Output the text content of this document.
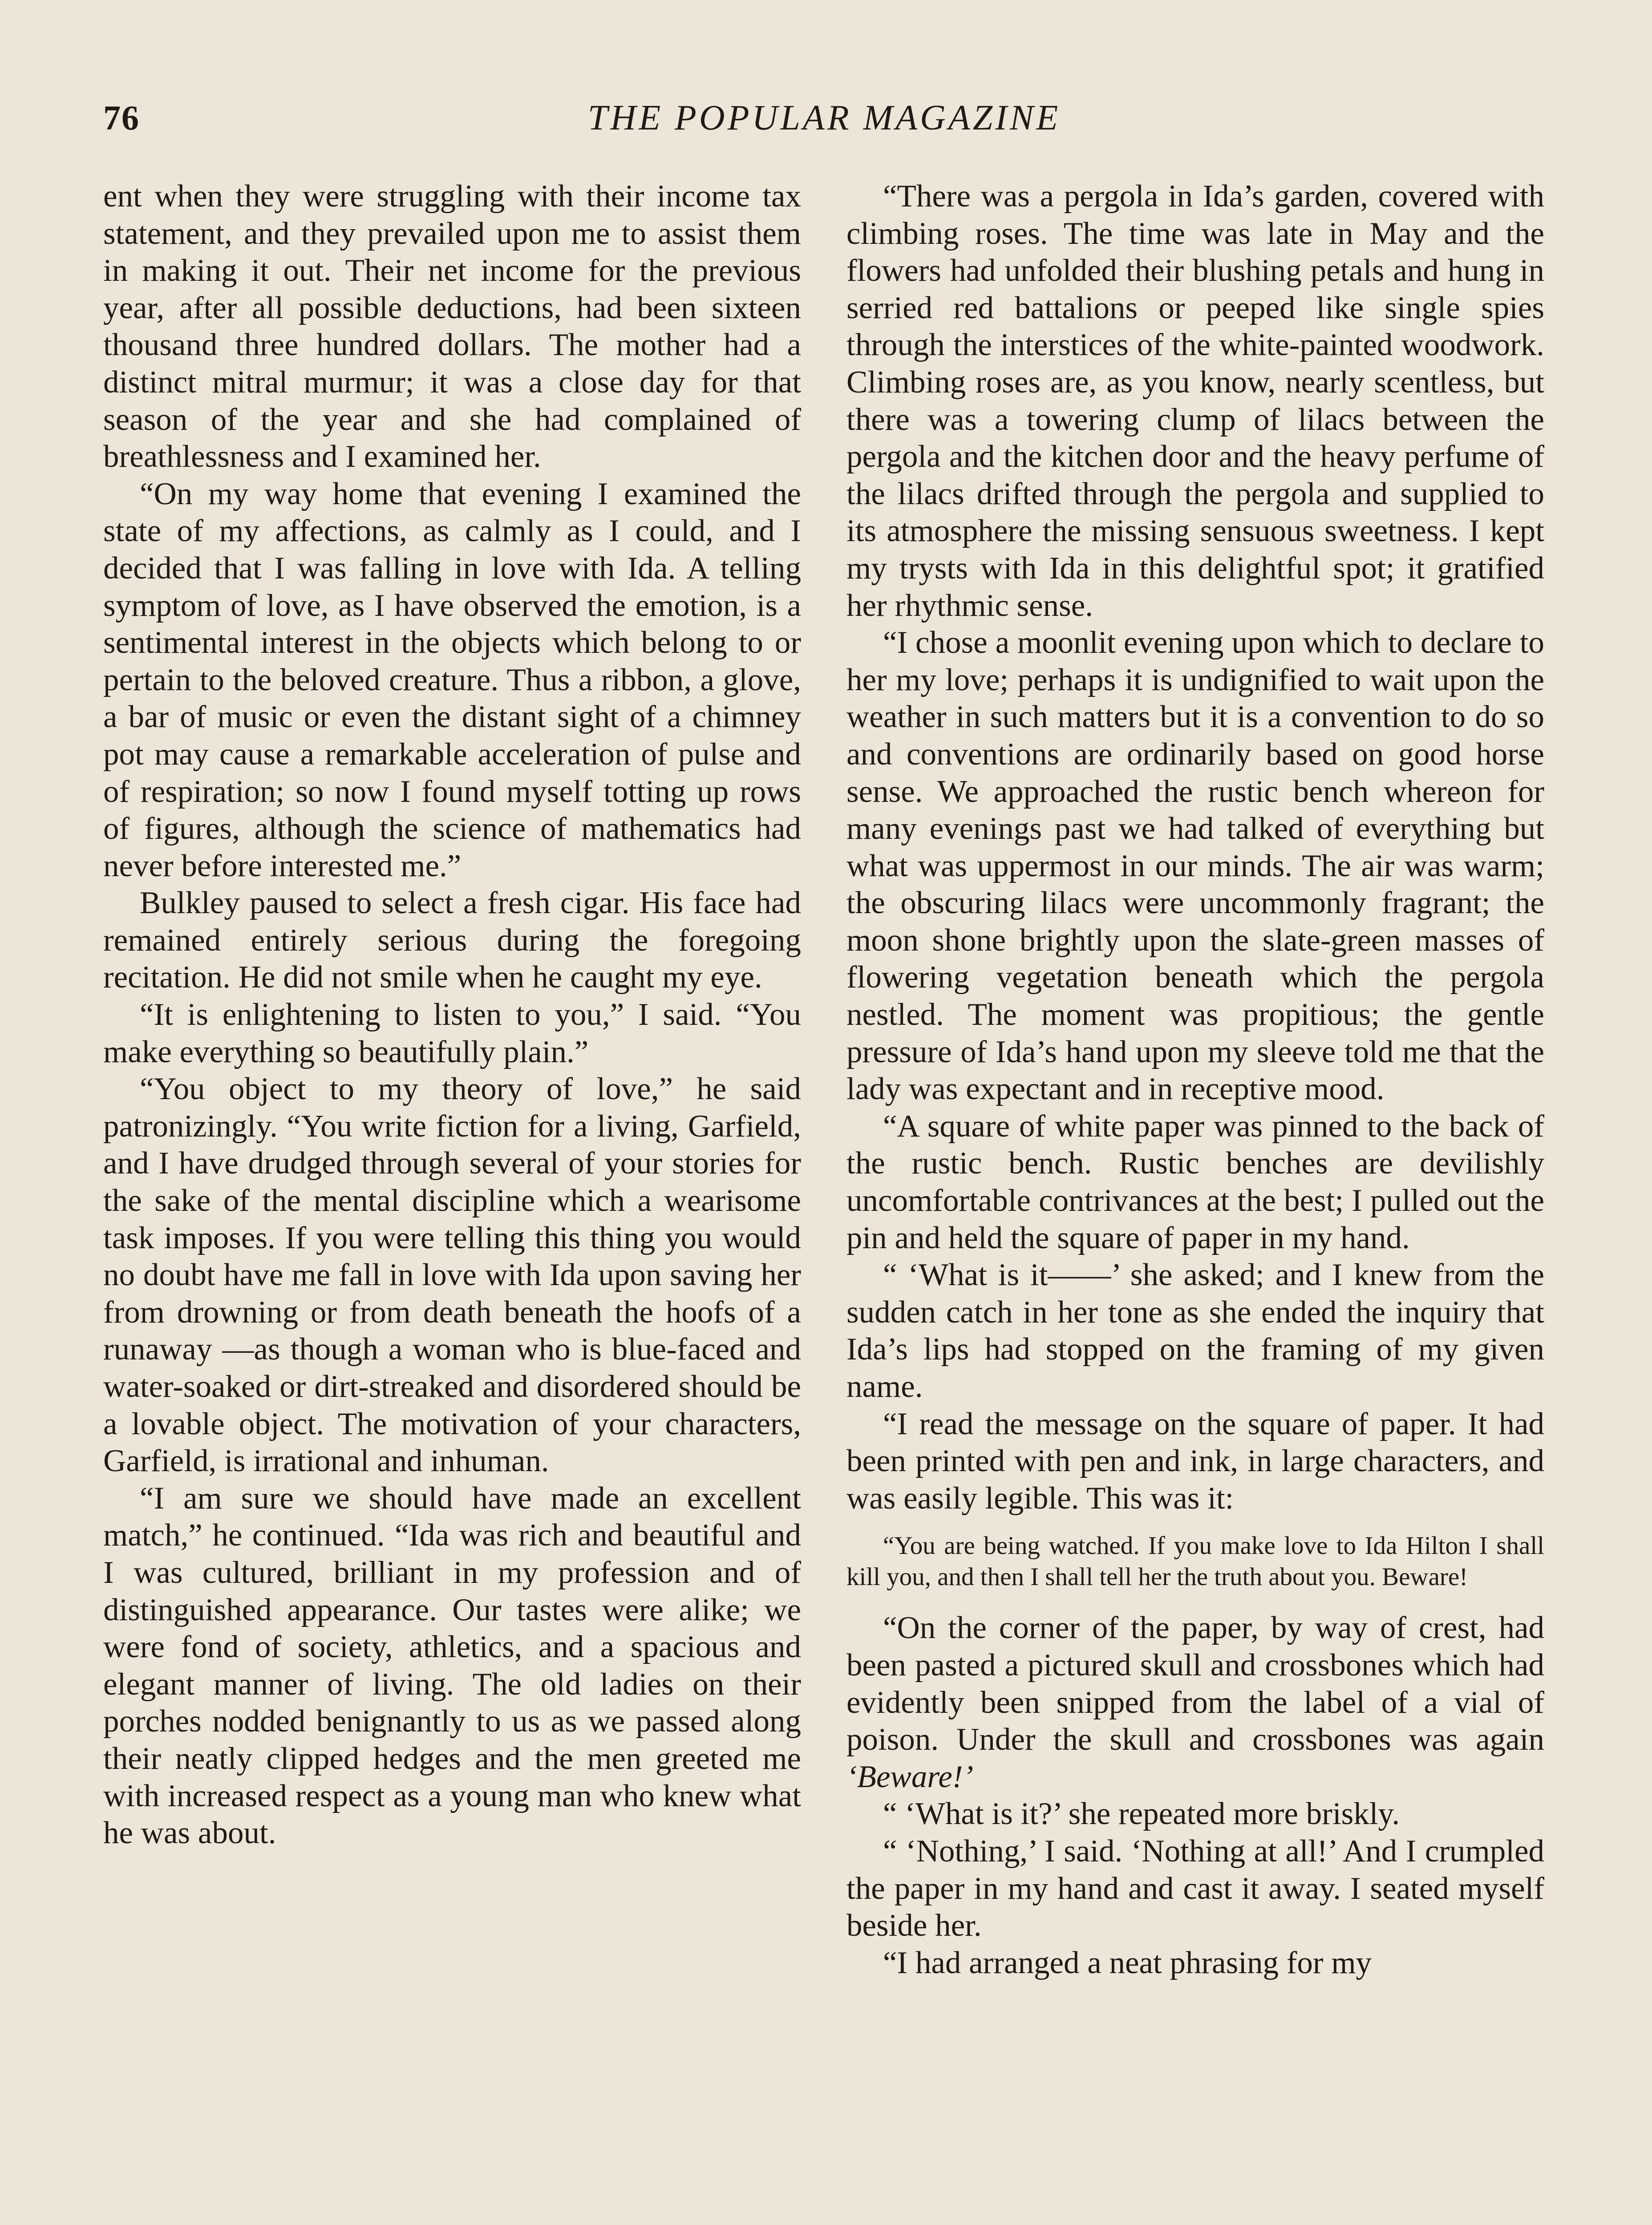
76	THE POPULAR MAGAZINE

ent when they were struggling with their income tax statement, and they prevailed upon me to assist them in making it out. Their net income for the previous year, after all possible deductions, had been sixteen thousand three hundred dollars. The mother had a distinct mitral murmur; it was a close day for that season of the year and she had complained of breathlessness and I examined her.

“On my way home that evening I examined the state of my affections, as calmly as I could, and I decided that I was falling in love with Ida. A telling symptom of love, as I have observed the emotion, is a sentimental interest in the objects which belong to or pertain to the beloved creature. Thus a ribbon, a glove, a bar of music or even the distant sight of a chimney pot may cause a remarkable acceleration of pulse and of respiration; so now I found myself totting up rows of figures, although the science of mathematics had never before interested me.”

Bulkley paused to select a fresh cigar. His face had remained entirely serious during the foregoing recitation. He did not smile when he caught my eye.

“It is enlightening to listen to you,” I said. “You make everything so beautifully plain.”

“You object to my theory of love,” he said patronizingly. “You write fiction for a living, Garfield, and I have drudged through several of your stories for the sake of the mental discipline which a wearisome task imposes. If you were telling this thing you would no doubt have me fall in love with Ida upon saving her from drowning or from death beneath the hoofs of a runaway —as though a woman who is blue-faced and water-soaked or dirt-streaked and disordered should be a lovable object. The motivation of your characters, Garfield, is irrational and inhuman.

“I am sure we should have made an excellent match,” he continued. “Ida was rich and beautiful and I was cultured, brilliant in my profession and of distinguished appearance. Our tastes were alike; we were fond of society, athletics, and a spacious and elegant manner of living. The old ladies on their porches nodded benignantly to us as we passed along their neatly clipped hedges and the men greeted me with increased respect as a young man who knew what he was about.

“There was a pergola in Ida’s garden, covered with climbing roses. The time was late in May and the flowers had unfolded their blushing petals and hung in serried red battalions or peeped like single spies through the interstices of the white-painted woodwork. Climbing roses are, as you know, nearly scentless, but there was a towering clump of lilacs between the pergola and the kitchen door and the heavy perfume of the lilacs drifted through the pergola and supplied to its atmosphere the missing sensuous sweetness. I kept my trysts with Ida in this delightful spot; it gratified her rhythmic sense.

“I chose a moonlit evening upon which to declare to her my love; perhaps it is undignified to wait upon the weather in such matters but it is a convention to do so and conventions are ordinarily based on good horse sense. We approached the rustic bench whereon for many evenings past we had talked of everything but what was uppermost in our minds. The air was warm; the obscuring lilacs were uncommonly fragrant; the moon shone brightly upon the slate-green masses of flowering vegetation beneath which the pergola nestled. The moment was propitious; the gentle pressure of Ida’s hand upon my sleeve told me that the lady was expectant and in receptive mood.

“A square of white paper was pinned to the back of the rustic bench. Rustic benches are devilishly uncomfortable contrivances at the best; I pulled out the pin and held the square of paper in my hand.

“ ‘What is it——’ she asked; and I knew from the sudden catch in her tone as she ended the inquiry that Ida’s lips had stopped on the framing of my given name.

“I read the message on the square of paper. It had been printed with pen and ink, in large characters, and was easily legible. This was it:

“You are being watched. If you make love to Ida Hilton I shall kill you, and then I shall tell her the truth about you. Beware!

“On the corner of the paper, by way of crest, had been pasted a pictured skull and crossbones which had evidently been snipped from the label of a vial of poison. Under the skull and crossbones was again ‘Beware!’

“ ‘What is it?’ she repeated more briskly.

“ ‘Nothing,’ I said. ‘Nothing at all!’ And I crumpled the paper in my hand and cast it away. I seated myself beside her.

“I had arranged a neat phrasing for my
